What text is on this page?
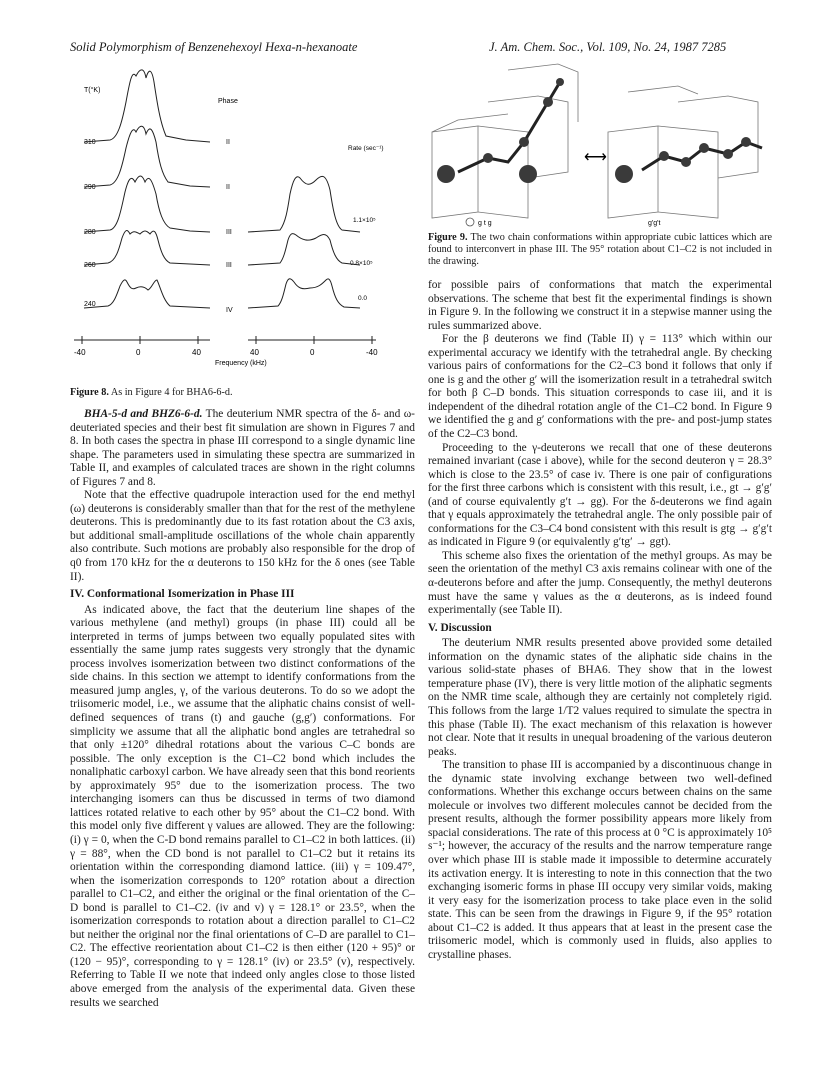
Solid Polymorphism of Benzenehexoyl Hexa-n-hexanoate	J. Am. Chem. Soc., Vol. 109, No. 24, 1987 7285
T(°K)
Phase
Rate (sec⁻¹)
310
290
280
260
240
II
II
III
III
IV
1.1×10⁵
0.8×10⁵
0.0
-40	0	40	40	0	-40
Frequency (kHz)
Figure 8. As in Figure 4 for BHA6-6-d.
⟷
g t g	g'g't
Figure 9. The two chain conformations within appropriate cubic lattices which are found to interconvert in phase III. The 95° rotation about C1–C2 is not included in the drawing.

BHA-5-d and BHZ6-6-d. The deuterium NMR spectra of the δ- and ω-deuteriated species and their best fit simulation are shown in Figures 7 and 8. In both cases the spectra in phase III correspond to a single dynamic line shape. The parameters used in simulating these spectra are summarized in Table II, and examples of calculated traces are shown in the right columns of Figures 7 and 8.

Note that the effective quadrupole interaction used for the end methyl (ω) deuterons is considerably smaller than that for the rest of the methylene deuterons. This is predominantly due to its fast rotation about the C3 axis, but additional small-amplitude oscillations of the whole chain apparently also contribute. Such motions are probably also responsible for the drop of q0 from 170 kHz for the α deuterons to 150 kHz for the δ ones (see Table II).

IV. Conformational Isomerization in Phase III

As indicated above, the fact that the deuterium line shapes of the various methylene (and methyl) groups (in phase III) could all be interpreted in terms of jumps between two equally populated sites with essentially the same jump rates suggests very strongly that the dynamic process involves isomerization between two distinct conformations of the side chains. In this section we attempt to identify conformations from the measured jump angles, γ, of the various deuterons. To do so we adopt the triisomeric model, i.e., we assume that the aliphatic chains consist of well-defined sequences of trans (t) and gauche (g,g′) conformations. For simplicity we assume that all the aliphatic bond angles are tetrahedral so that only ±120° dihedral rotations about the various C–C bonds are possible. The only exception is the C1–C2 bond which includes the nonaliphatic carboxyl carbon. We have already seen that this bond reorients by approximately 95° due to the isomerization process. The two interchanging isomers can thus be discussed in terms of two diamond lattices rotated relative to each other by 95° about the C1–C2 bond. With this model only five different γ values are allowed. They are the following: (i) γ = 0, when the C-D bond remains parallel to C1–C2 in both lattices. (ii) γ = 88°, when the CD bond is not parallel to C1–C2 but it retains its orientation within the corresponding diamond lattice. (iii) γ = 109.47°, when the isomerization corresponds to 120° rotation about a direction parallel to C1–C2, and either the original or the final orientation of the C–D bond is parallel to C1–C2. (iv and v) γ = 128.1° or 23.5°, when the isomerization corresponds to rotation about a direction parallel to C1–C2 but neither the original nor the final orientations of C–D are parallel to C1–C2. The effective reorientation about C1–C2 is then either (120 + 95)° or (120 − 95)°, corresponding to γ = 128.1° (iv) or 23.5° (v), respectively. Referring to Table II we note that indeed only angles close to those listed above emerged from the analysis of the experimental data. Given these results we searched

for possible pairs of conformations that match the experimental observations. The scheme that best fit the experimental findings is shown in Figure 9. In the following we construct it in a stepwise manner using the rules summarized above.

For the β deuterons we find (Table II) γ = 113° which within our experimental accuracy we identify with the tetrahedral angle. By checking various pairs of conformations for the C2–C3 bond it follows that only if one is g and the other g′ will the isomerization result in a tetrahedral switch for both β C–D bonds. This situation corresponds to case iii, and it is independent of the dihedral rotation angle of the C1–C2 bond. In Figure 9 we identified the g and g′ conformations with the pre- and post-jump states of the C2–C3 bond.

Proceeding to the γ-deuterons we recall that one of these deuterons remained invariant (case i above), while for the second deuteron γ = 28.3° which is close to the 23.5° of case iv. There is one pair of configurations for the first three carbons which is consistent with this result, i.e., gt → g′g′ (and of course equivalently g′t → gg). For the δ-deuterons we find again that γ equals approximately the tetrahedral angle. The only possible pair of conformations for the C3–C4 bond consistent with this result is gtg → g′g′t as indicated in Figure 9 (or equivalently g′tg′ → ggt).

This scheme also fixes the orientation of the methyl groups. As may be seen the orientation of the methyl C3 axis remains colinear with one of the α-deuterons before and after the jump. Consequently, the methyl deuterons must have the same γ values as the α deuterons, as is indeed found experimentally (see Table II).

V. Discussion

The deuterium NMR results presented above provided some detailed information on the dynamic states of the aliphatic side chains in the various solid-state phases of BHA6. They show that in the lowest temperature phase (IV), there is very little motion of the aliphatic segments on the NMR time scale, although they are certainly not completely rigid. This follows from the large 1/T2 values required to simulate the spectra in this phase (Table II). The exact mechanism of this relaxation is however not clear. Note that it results in unequal broadening of the various deuteron peaks.

The transition to phase III is accompanied by a discontinuous change in the dynamic state involving exchange between two well-defined conformations. Whether this exchange occurs between chains on the same molecule or involves two different molecules cannot be decided from the present results, although the former possibility appears more likely from spacial considerations. The rate of this process at 0 °C is approximately 10⁵ s⁻¹; however, the accuracy of the results and the narrow temperature range over which phase III is stable made it impossible to determine accurately its activation energy. It is interesting to note in this connection that the two exchanging isomeric forms in phase III occupy very similar voids, making it very easy for the isomerization process to take place even in the solid state. This can be seen from the drawings in Figure 9, if the 95° rotation about C1–C2 is added. It thus appears that at least in the present case the triisomeric model, which is commonly used in fluids, also applies to crystalline phases.
